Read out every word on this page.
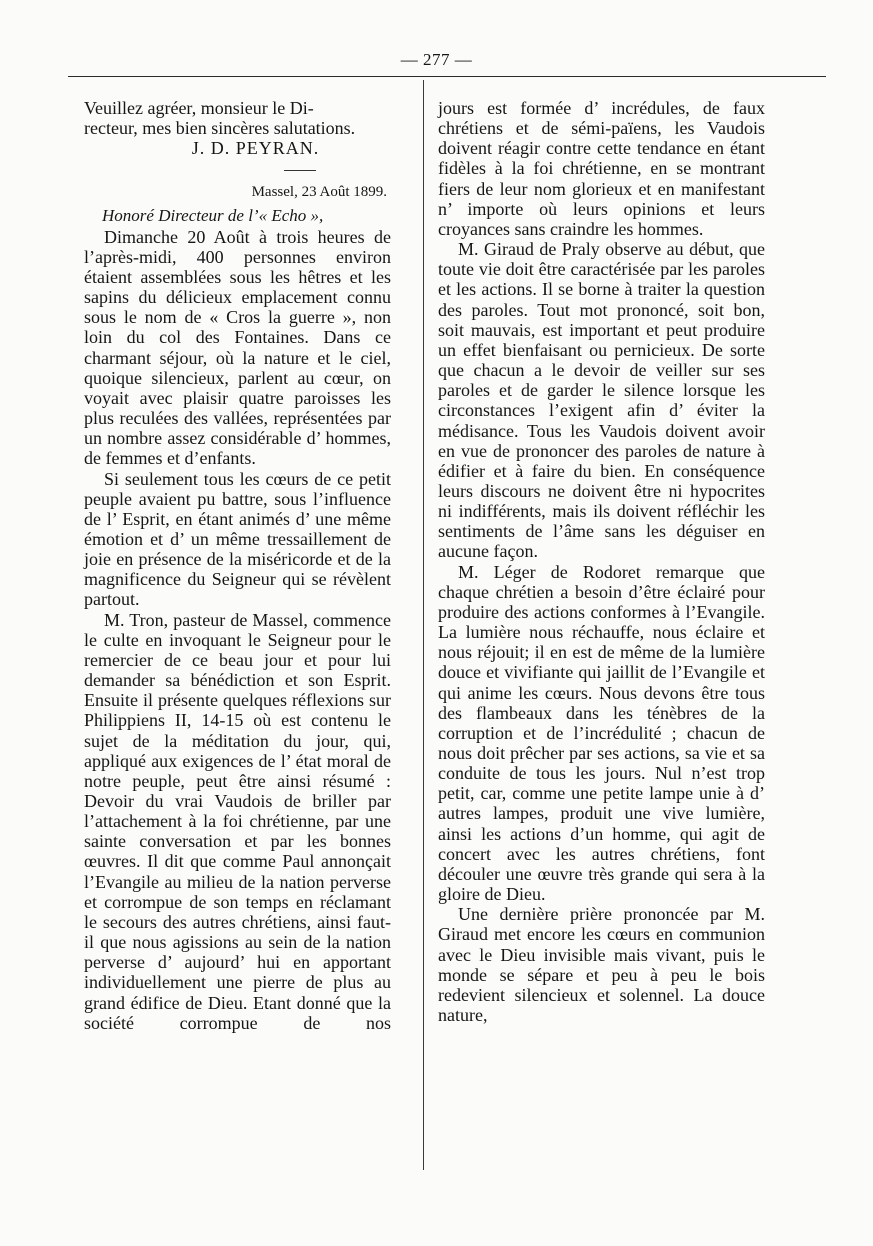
— 277 —

Veuillez agréer, monsieur le Di-

recteur, mes bien sincères salutations.

J. D. PEYRAN.

Massel, 23 Août 1899.

Honoré Directeur de l’« Echo »,

Dimanche 20 Août à trois heures de l’après-midi, 400 personnes environ étaient assemblées sous les hêtres et les sapins du délicieux emplacement connu sous le nom de « Cros la guerre », non loin du col des Fontaines. Dans ce charmant séjour, où la nature et le ciel, quoique silencieux, parlent au cœur, on voyait avec plaisir quatre paroisses les plus reculées des vallées, représentées par un nombre assez considérable d’ hommes, de femmes et d’enfants.

Si seulement tous les cœurs de ce petit peuple avaient pu battre, sous l’influence de l’ Esprit, en étant animés d’ une même émotion et d’ un même tressaillement de joie en présence de la miséricorde et de la magnificence du Seigneur qui se révèlent partout.

M. Tron, pasteur de Massel, commence le culte en invoquant le Seigneur pour le remercier de ce beau jour et pour lui demander sa bénédiction et son Esprit. Ensuite il présente quelques réflexions sur Philippiens II, 14-15 où est contenu le sujet de la méditation du jour, qui, appliqué aux exigences de l’ état moral de notre peuple, peut être ainsi résumé : Devoir du vrai Vaudois de briller par l’attachement à la foi chrétienne, par une sainte conversation et par les bonnes œuvres. Il dit que comme Paul annonçait l’Evangile au milieu de la nation perverse et corrompue de son temps en réclamant le secours des autres chrétiens, ainsi faut-il que nous agissions au sein de la nation perverse d’ aujourd’ hui en apportant individuellement une pierre de plus au grand édifice de Dieu. Etant donné que la société corrompue de nos

jours est formée d’ incrédules, de faux chrétiens et de sémi-païens, les Vaudois doivent réagir contre cette tendance en étant fidèles à la foi chrétienne, en se montrant fiers de leur nom glorieux et en manifestant n’ importe où leurs opinions et leurs croyances sans craindre les hommes.

M. Giraud de Praly observe au début, que toute vie doit être caractérisée par les paroles et les actions. Il se borne à traiter la question des paroles. Tout mot prononcé, soit bon, soit mauvais, est important et peut produire un effet bienfaisant ou pernicieux. De sorte que chacun a le devoir de veiller sur ses paroles et de garder le silence lorsque les circonstances l’exigent afin d’ éviter la médisance. Tous les Vaudois doivent avoir en vue de prononcer des paroles de nature à édifier et à faire du bien. En conséquence leurs discours ne doivent être ni hypocrites ni indifférents, mais ils doivent réfléchir les sentiments de l’âme sans les déguiser en aucune façon.

M. Léger de Rodoret remarque que chaque chrétien a besoin d’être éclairé pour produire des actions conformes à l’Evangile. La lumière nous réchauffe, nous éclaire et nous réjouit; il en est de même de la lumière douce et vivifiante qui jaillit de l’Evangile et qui anime les cœurs. Nous devons être tous des flambeaux dans les ténèbres de la corruption et de l’incrédulité ; chacun de nous doit prêcher par ses actions, sa vie et sa conduite de tous les jours. Nul n’est trop petit, car, comme une petite lampe unie à d’ autres lampes, produit une vive lumière, ainsi les actions d’un homme, qui agit de concert avec les autres chrétiens, font découler une œuvre très grande qui sera à la gloire de Dieu.

Une dernière prière prononcée par M. Giraud met encore les cœurs en communion avec le Dieu invisible mais vivant, puis le monde se sépare et peu à peu le bois redevient silencieux et solennel. La douce nature,
